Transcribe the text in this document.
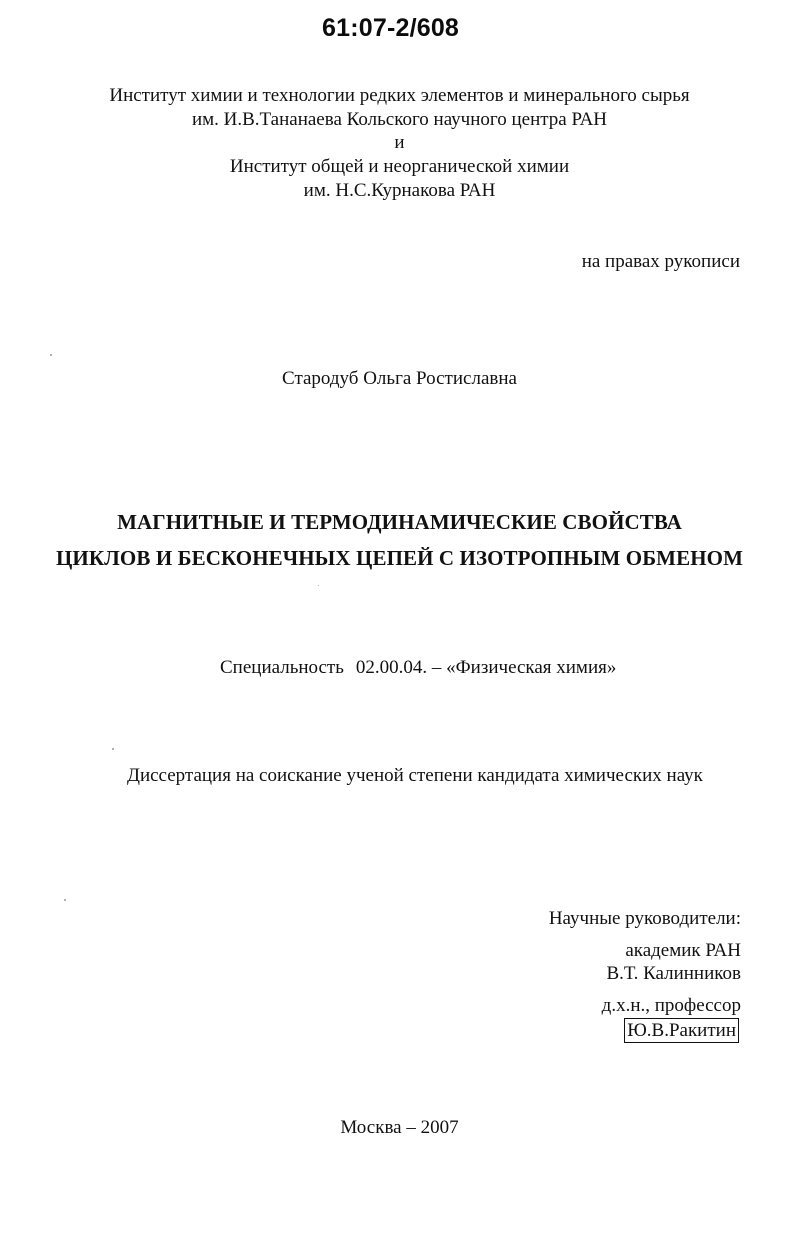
61:07-2/608
Институт химии и технологии редких элементов и минерального сырья
им. И.В.Тананаева Кольского научного центра РАН
и
Институт общей и неорганической химии
им. Н.С.Курнакова РАН
на правах рукописи
Стародуб Ольга Ростиславна
МАГНИТНЫЕ И ТЕРМОДИНАМИЧЕСКИЕ СВОЙСТВА
ЦИКЛОВ И БЕСКОНЕЧНЫХ ЦЕПЕЙ С ИЗОТРОПНЫМ ОБМЕНОМ
Специальность 02.00.04. – «Физическая химия»
Диссертация на соискание ученой степени кандидата химических наук
Научные руководители:
академик РАН
В.Т. Калинников
д.х.н., профессор
Ю.В.Ракитин
Москва – 2007
